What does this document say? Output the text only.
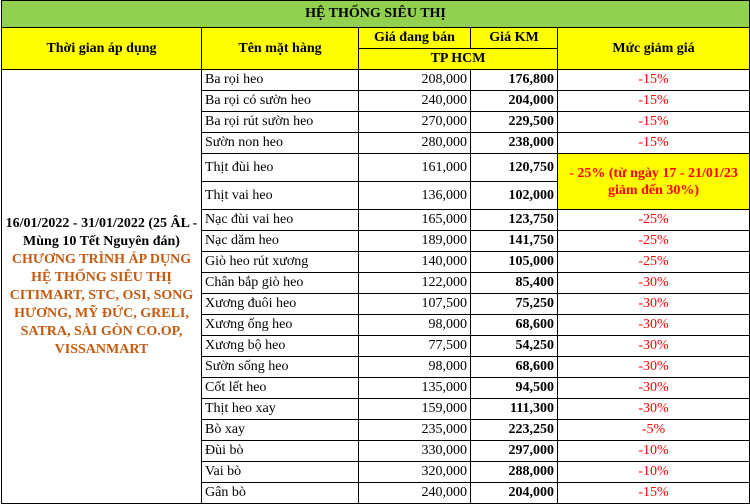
HỆ THỐNG SIÊU THỊ				
Thời gian áp dụng	Tên mặt hàng	Giá đang bán	Giá KM	Mức giảm giá
		TP HCM		

16/01/2022 - 31/01/2022 (25 ÂL - Mùng 10 Tết Nguyên đán)
CHƯƠNG TRÌNH ÁP DỤNG HỆ THỐNG SIÊU THỊ CITIMART, STC, OSI, SONG HƯƠNG, MỸ ĐỨC, GRELI, SATRA, SÀI GÒN CO.OP, VISSANMART	Ba rọi heo	208,000	176,800	-15%
	Ba rọi có sườn heo	240,000	204,000	-15%
	Ba rọi rút sườn heo	270,000	229,500	-15%
	Sườn non heo	280,000	238,000	-15%
	Thịt đùi heo	161,000	120,750	- 25% (từ ngày 17 - 21/01/23 giảm đến 30%)
	Thịt vai heo	136,000	102,000	
	Nạc đùi vai heo	165,000	123,750	-25%
	Nạc dăm heo	189,000	141,750	-25%
	Giò heo rút xương	140,000	105,000	-25%
	Chân bắp giò heo	122,000	85,400	-30%
	Xương đuôi heo	107,500	75,250	-30%
	Xương ống heo	98,000	68,600	-30%
	Xương bộ heo	77,500	54,250	-30%
	Sườn sống heo	98,000	68,600	-30%
	Cốt lết heo	135,000	94,500	-30%
	Thịt heo xay	159,000	111,300	-30%
	Bò xay	235,000	223,250	-5%
	Đùi bò	330,000	297,000	-10%
	Vai bò	320,000	288,000	-10%
	Gân bò	240,000	204,000	-15%
